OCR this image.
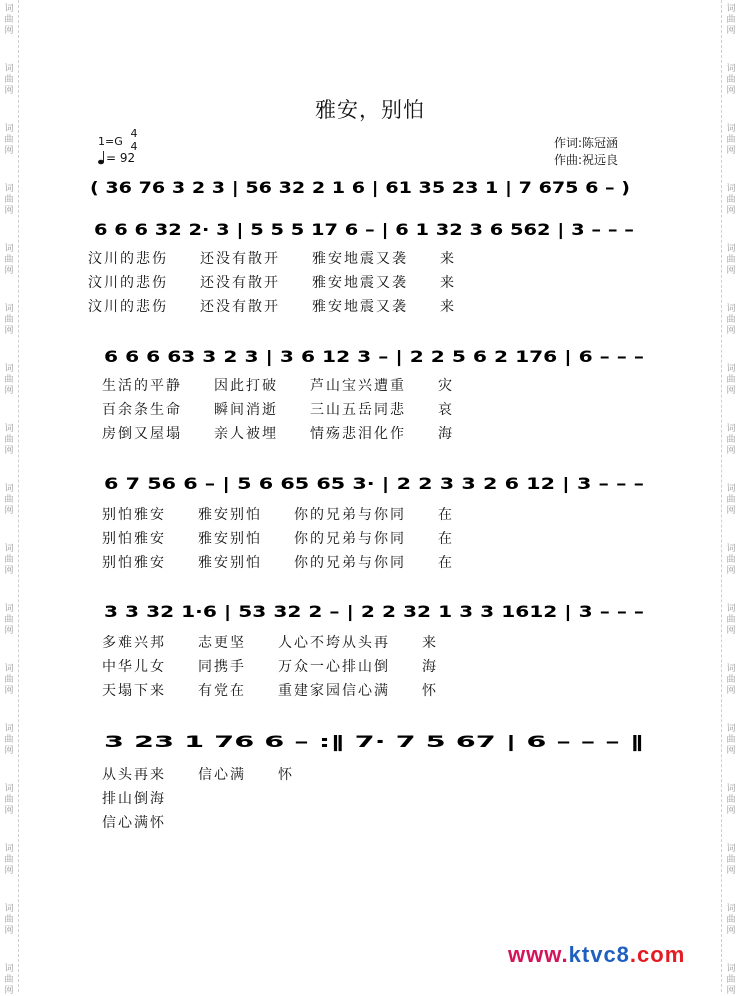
雅安，别怕
1=G
4
4
= 92
作词:陈冠涵
作曲:祝远良
( 36 76 3 2 3 | 56 32 2 1 6 | 61 35 23 1 | 7 675 6 – )
6 6 6 32 2· 3 | 5 5 5 17 6 – | 6 1 32 3 6 562 | 3 – – –
汶川的悲伤　　还没有散开　　雅安地震又袭　　来
汶川的悲伤　　还没有散开　　雅安地震又袭　　来
汶川的悲伤　　还没有散开　　雅安地震又袭　　来
6 6 6 63 3 2 3 | 3 6 12 3 – | 2 2 5 6 2 176 | 6 – – –
生活的平静　　因此打破　　芦山宝兴遭重　　灾
百余条生命　　瞬间消逝　　三山五岳同悲　　哀
房倒又屋塌　　亲人被埋　　情殇悲泪化作　　海
6 7 56 6 – | 5 6 65 65 3· | 2 2 3 3 2 6 12 | 3 – – –
别怕雅安　　雅安别怕　　你的兄弟与你同　　在
别怕雅安　　雅安别怕　　你的兄弟与你同　　在
别怕雅安　　雅安别怕　　你的兄弟与你同　　在
3 3 32 1·6 | 53 32 2 – | 2 2 32 1 3 3 1612 | 3 – – –
多难兴邦　　志更坚　　人心不垮从头再　　来
中华儿女　　同携手　　万众一心排山倒　　海
天塌下来　　有党在　　重建家园信心满　　怀
3 23 1 76 6 – :‖ 7· 7 5 67 | 6 – – – ‖
从头再来　　信心满　　怀
排山倒海
信心满怀
www.ktvc8.com
词
曲
网
词
曲
网
词
曲
网
词
曲
网
词
曲
网
词
曲
网
词
曲
网
词
曲
网
词
曲
网
词
曲
网
词
曲
网
词
曲
网
词
曲
网
词
曲
网
词
曲
网
词
曲
网
词
曲
网
词
曲
网
词
曲
网
词
曲
网
词
曲
网
词
曲
网
词
曲
网
词
曲
网
词
曲
网
词
曲
网
词
曲
网
词
曲
网
词
曲
网
词
曲
网
词
曲
网
词
曲
网
词
曲
网
词
曲
网
